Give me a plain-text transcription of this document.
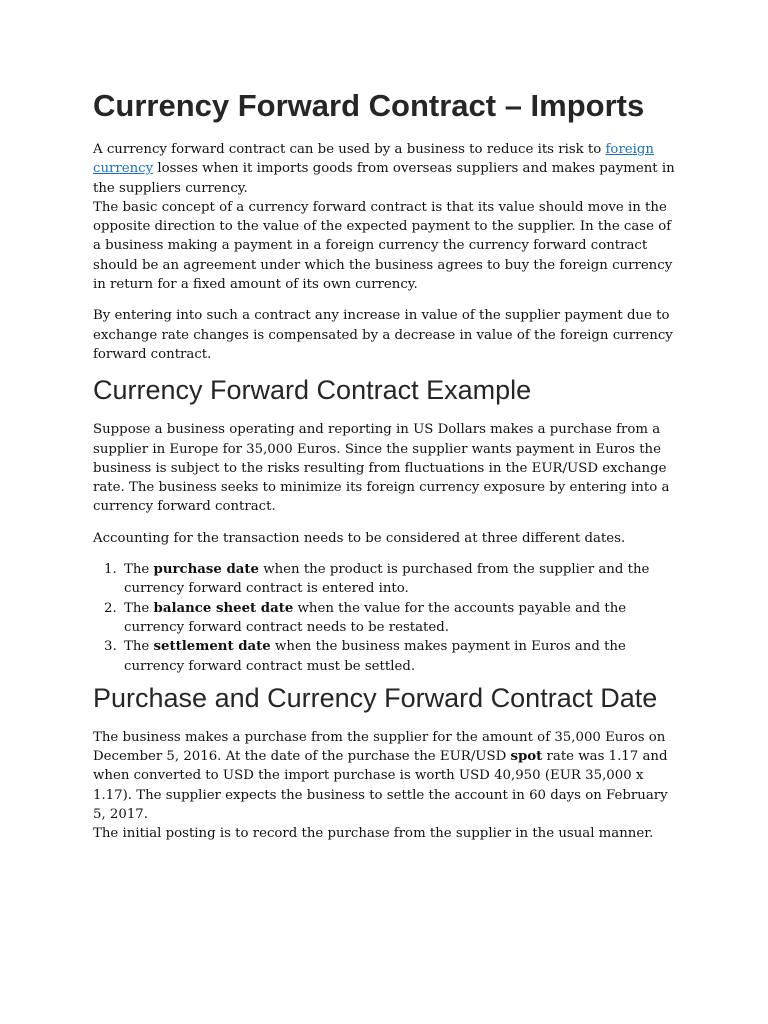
Currency Forward Contract – Imports

A currency forward contract can be used by a business to reduce its risk to foreign currency losses when it imports goods from overseas suppliers and makes payment in the suppliers currency.

The basic concept of a currency forward contract is that its value should move in the opposite direction to the value of the expected payment to the supplier. In the case of a business making a payment in a foreign currency the currency forward contract should be an agreement under which the business agrees to buy the foreign currency in return for a fixed amount of its own currency.

By entering into such a contract any increase in value of the supplier payment due to exchange rate changes is compensated by a decrease in value of the foreign currency forward contract.

Currency Forward Contract Example

Suppose a business operating and reporting in US Dollars makes a purchase from a supplier in Europe for 35,000 Euros. Since the supplier wants payment in Euros the business is subject to the risks resulting from fluctuations in the EUR/USD exchange rate. The business seeks to minimize its foreign currency exposure by entering into a currency forward contract.

Accounting for the transaction needs to be considered at three different dates.

1. The purchase date when the product is purchased from the supplier and the currency forward contract is entered into.
2. The balance sheet date when the value for the accounts payable and the currency forward contract needs to be restated.
3. The settlement date when the business makes payment in Euros and the currency forward contract must be settled.
Purchase and Currency Forward Contract Date

The business makes a purchase from the supplier for the amount of 35,000 Euros on December 5, 2016. At the date of the purchase the EUR/USD spot rate was 1.17 and when converted to USD the import purchase is worth USD 40,950 (EUR 35,000 x 1.17). The supplier expects the business to settle the account in 60 days on February 5, 2017.

The initial posting is to record the purchase from the supplier in the usual manner.
